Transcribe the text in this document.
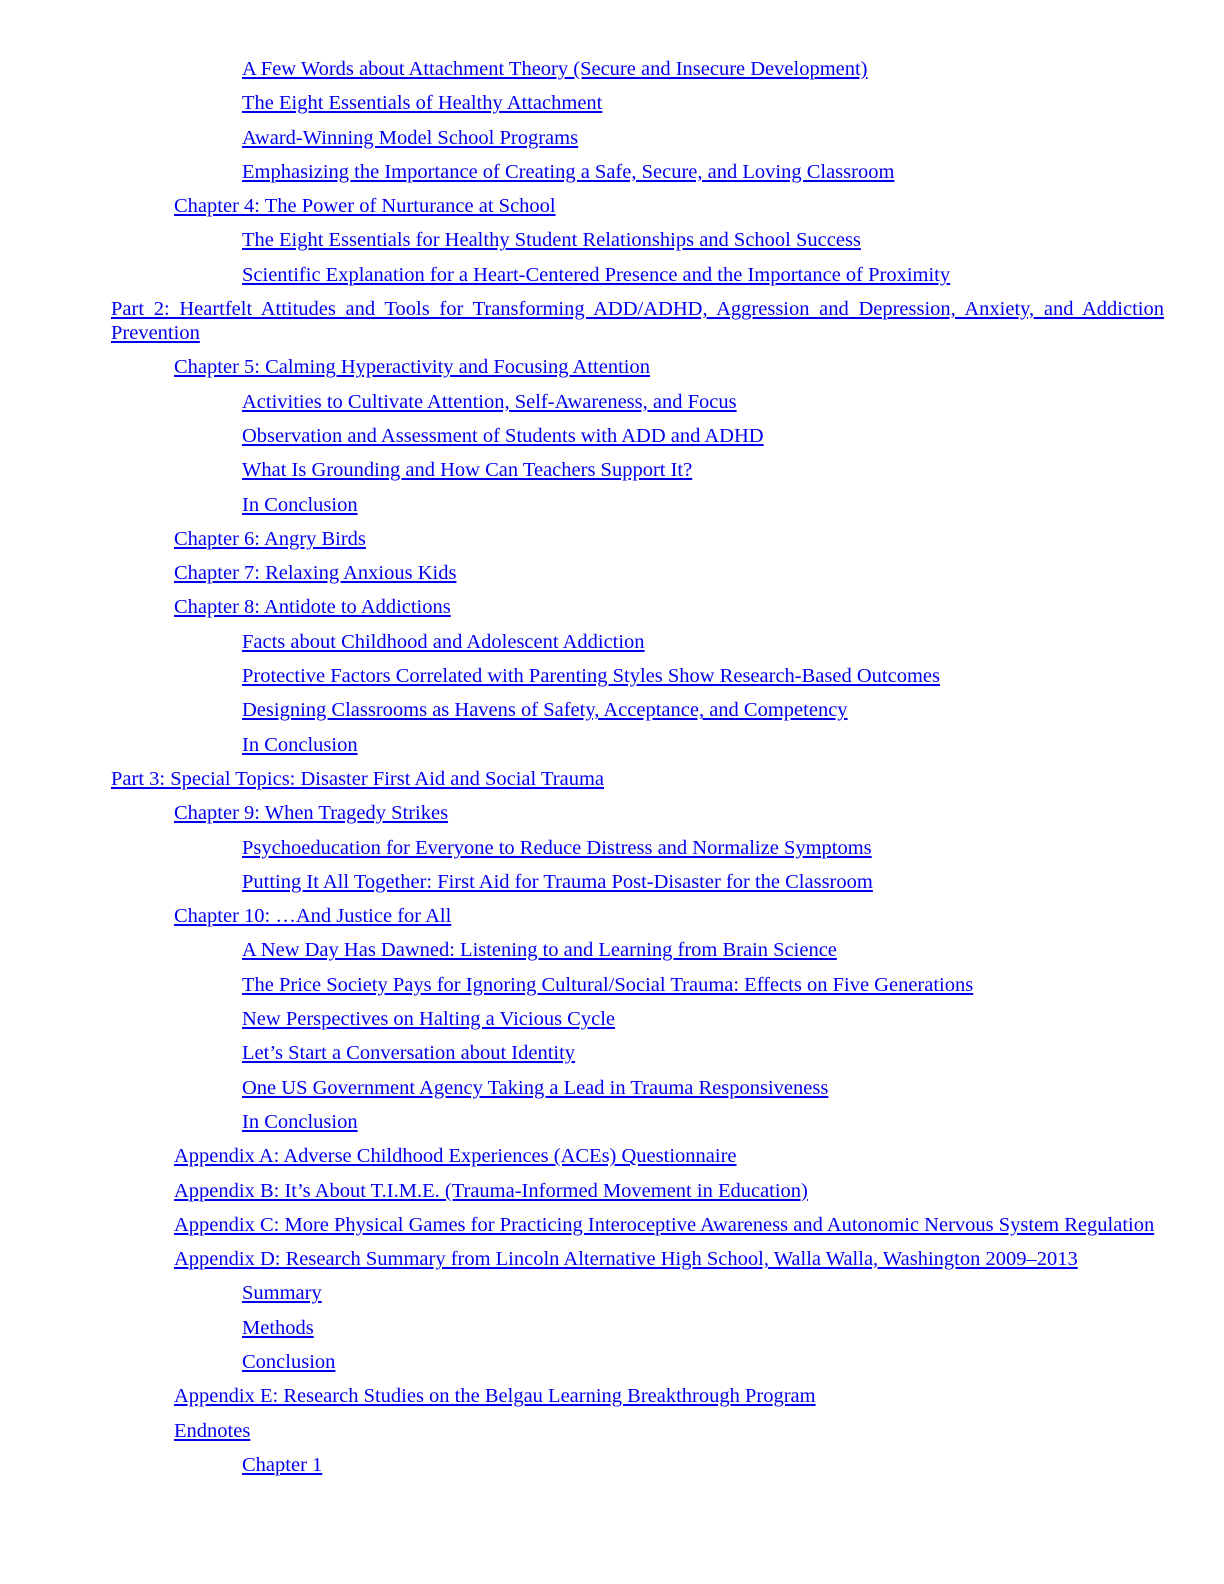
A Few Words about Attachment Theory (Secure and Insecure Development)
The Eight Essentials of Healthy Attachment
Award-Winning Model School Programs
Emphasizing the Importance of Creating a Safe, Secure, and Loving Classroom
Chapter 4: The Power of Nurturance at School
The Eight Essentials for Healthy Student Relationships and School Success
Scientific Explanation for a Heart-Centered Presence and the Importance of Proximity
Part 2: Heartfelt Attitudes and Tools for Transforming ADD/ADHD, Aggression and Depression, Anxiety, and Addiction Prevention
Chapter 5: Calming Hyperactivity and Focusing Attention
Activities to Cultivate Attention, Self-Awareness, and Focus
Observation and Assessment of Students with ADD and ADHD
What Is Grounding and How Can Teachers Support It?
In Conclusion
Chapter 6: Angry Birds
Chapter 7: Relaxing Anxious Kids
Chapter 8: Antidote to Addictions
Facts about Childhood and Adolescent Addiction
Protective Factors Correlated with Parenting Styles Show Research-Based Outcomes
Designing Classrooms as Havens of Safety, Acceptance, and Competency
In Conclusion
Part 3: Special Topics: Disaster First Aid and Social Trauma
Chapter 9: When Tragedy Strikes
Psychoeducation for Everyone to Reduce Distress and Normalize Symptoms
Putting It All Together: First Aid for Trauma Post-Disaster for the Classroom
Chapter 10: …And Justice for All
A New Day Has Dawned: Listening to and Learning from Brain Science
The Price Society Pays for Ignoring Cultural/Social Trauma: Effects on Five Generations
New Perspectives on Halting a Vicious Cycle
Let’s Start a Conversation about Identity
One US Government Agency Taking a Lead in Trauma Responsiveness
In Conclusion
Appendix A: Adverse Childhood Experiences (ACEs) Questionnaire
Appendix B: It’s About T.I.M.E. (Trauma-Informed Movement in Education)
Appendix C: More Physical Games for Practicing Interoceptive Awareness and Autonomic Nervous System Regulation
Appendix D: Research Summary from Lincoln Alternative High School, Walla Walla, Washington 2009–2013
Summary
Methods
Conclusion
Appendix E: Research Studies on the Belgau Learning Breakthrough Program
Endnotes
Chapter 1
